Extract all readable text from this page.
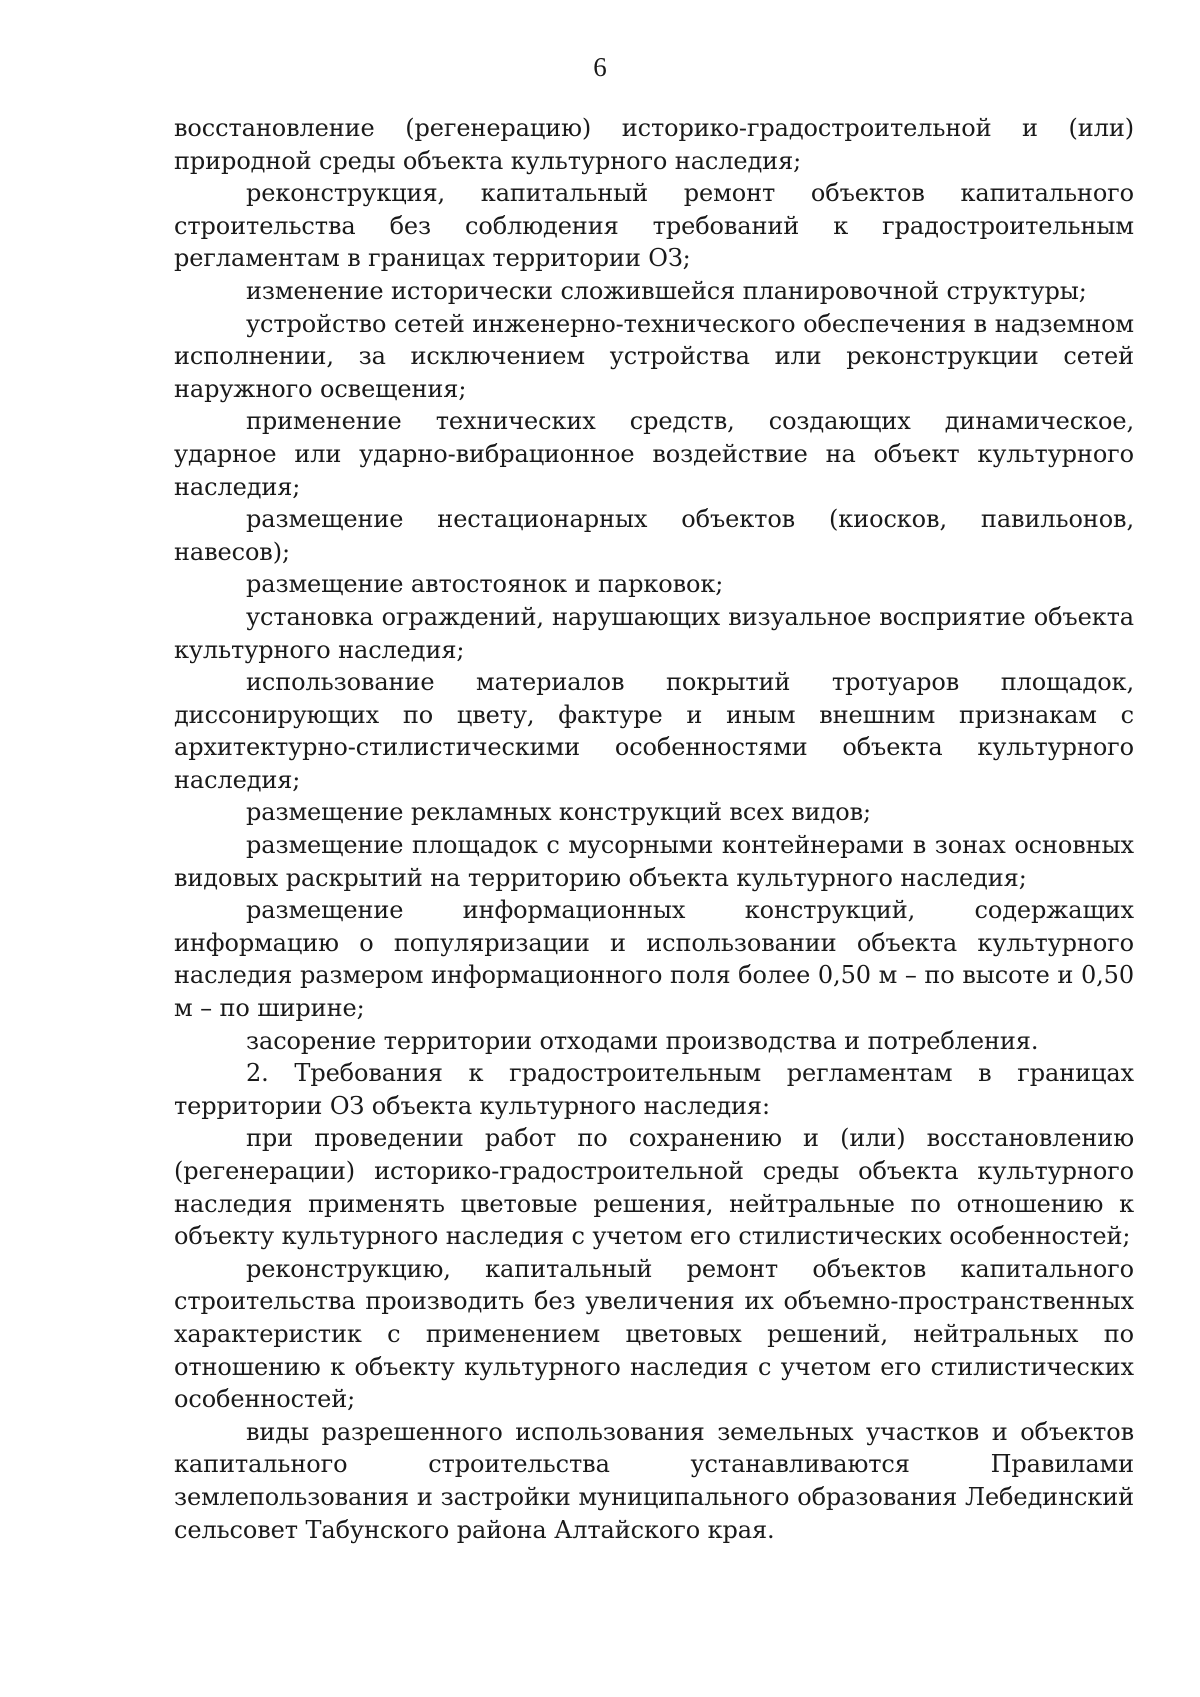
6

восстановление (регенерацию) историко-градостроительной и (или) природной среды объекта культурного наследия;

реконструкция, капитальный ремонт объектов капитального строительства без соблюдения требований к градостроительным регламентам в границах территории ОЗ;

изменение исторически сложившейся планировочной структуры;

устройство сетей инженерно-технического обеспечения в надземном исполнении, за исключением устройства или реконструкции сетей наружного освещения;

применение технических средств, создающих динамическое, ударное или ударно-вибрационное воздействие на объект культурного наследия;

размещение нестационарных объектов (киосков, павильонов, навесов);

размещение автостоянок и парковок;

установка ограждений, нарушающих визуальное восприятие объекта культурного наследия;

использование материалов покрытий тротуаров площадок, диссонирующих по цвету, фактуре и иным внешним признакам с архитектурно-стилистическими особенностями объекта культурного наследия;

размещение рекламных конструкций всех видов;

размещение площадок с мусорными контейнерами в зонах основных видовых раскрытий на территорию объекта культурного наследия;

размещение информационных конструкций, содержащих информацию о популяризации и использовании объекта культурного наследия размером информационного поля более 0,50 м – по высоте и 0,50 м – по ширине;

засорение территории отходами производства и потребления.

2. Требования к градостроительным регламентам в границах территории ОЗ объекта культурного наследия:

при проведении работ по сохранению и (или) восстановлению (регенерации) историко-градостроительной среды объекта культурного наследия применять цветовые решения, нейтральные по отношению к объекту культурного наследия с учетом его стилистических особенностей;

реконструкцию, капитальный ремонт объектов капитального строительства производить без увеличения их объемно-пространственных характеристик с применением цветовых решений, нейтральных по отношению к объекту культурного наследия с учетом его стилистических особенностей;

виды разрешенного использования земельных участков и объектов капитального строительства устанавливаются Правилами землепользования и застройки муниципального образования Лебединский сельсовет Табунского района Алтайского края.
